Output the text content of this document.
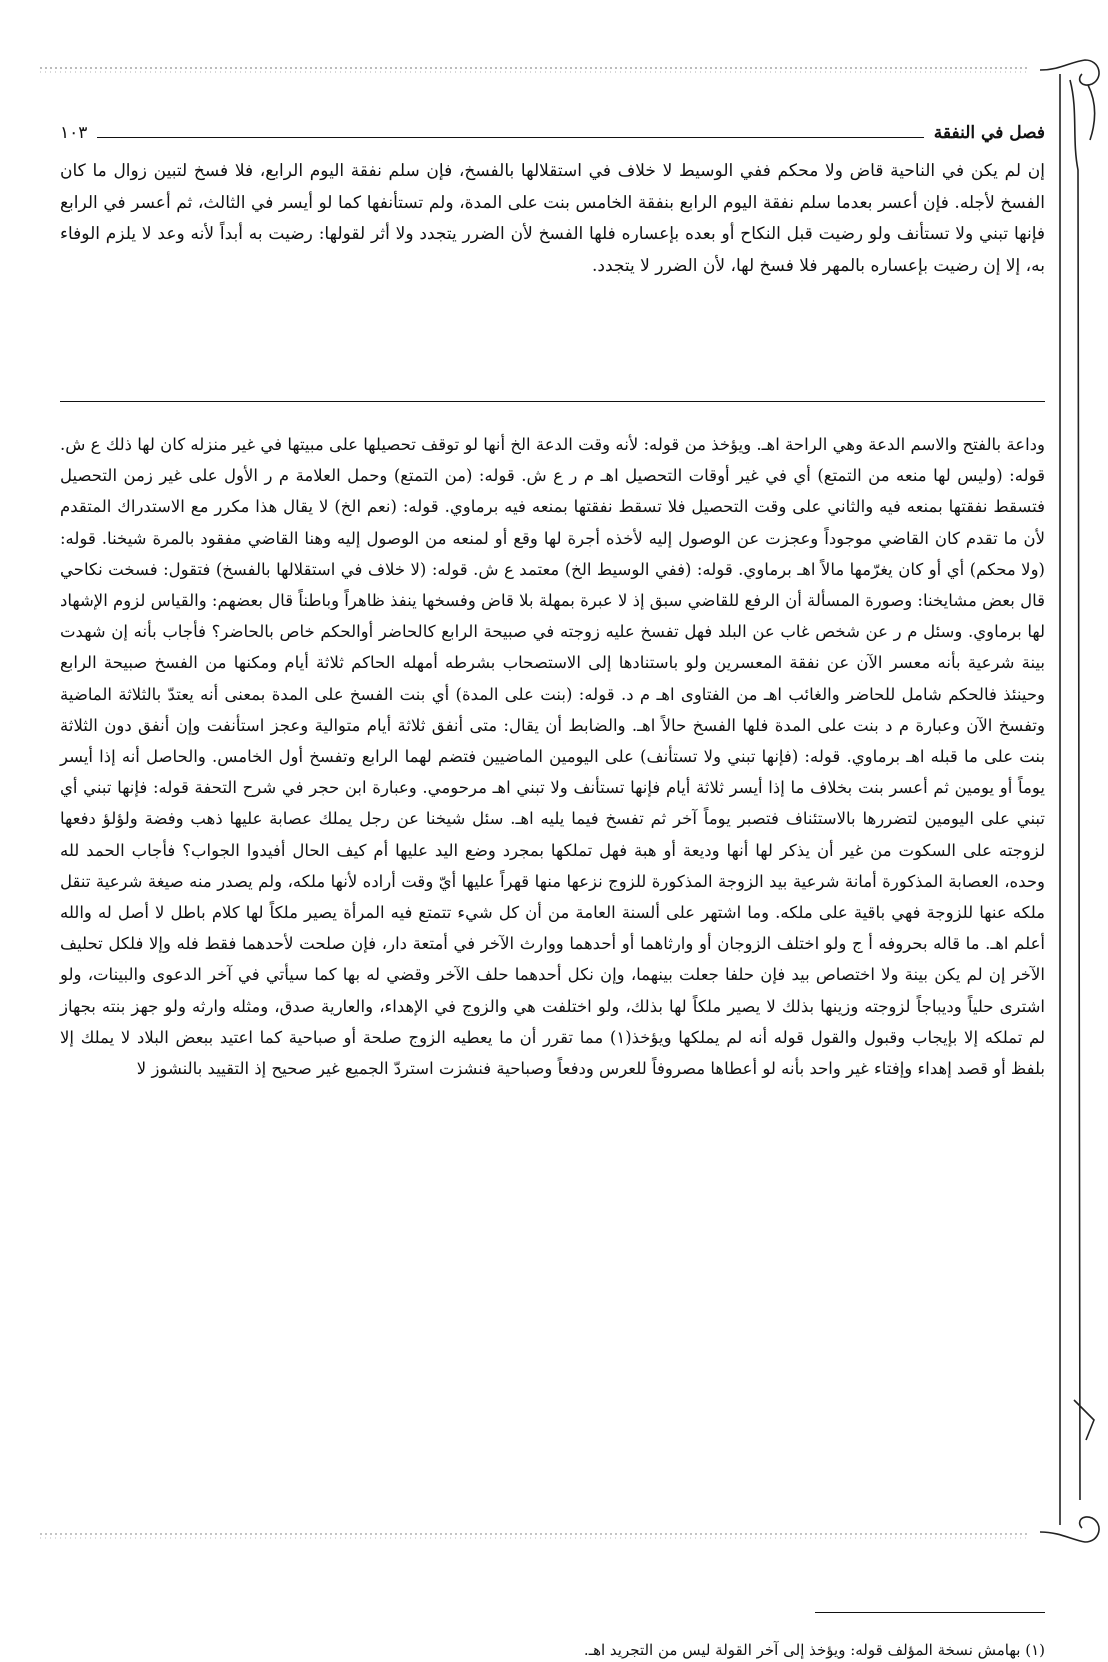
فصل في النفقة
١٠٣

إن لم يكن في الناحية قاض ولا محكم ففي الوسيط لا خلاف في استقلالها بالفسخ، فإن سلم نفقة اليوم الرابع، فلا فسخ لتبين زوال ما كان الفسخ لأجله. فإن أعسر بعدما سلم نفقة اليوم الرابع بنفقة الخامس بنت على المدة، ولم تستأنفها كما لو أيسر في الثالث، ثم أعسر في الرابع فإنها تبني ولا تستأنف ولو رضيت قبل النكاح أو بعده بإعساره فلها الفسخ لأن الضرر يتجدد ولا أثر لقولها: رضيت به أبداً لأنه وعد لا يلزم الوفاء به، إلا إن رضيت بإعساره بالمهر فلا فسخ لها، لأن الضرر لا يتجدد.

وداعة بالفتح والاسم الدعة وهي الراحة اهـ. ويؤخذ من قوله: لأنه وقت الدعة الخ أنها لو توقف تحصيلها على مبيتها في غير منزله كان لها ذلك ع ش. قوله: (وليس لها منعه من التمتع) أي في غير أوقات التحصيل اهـ م ر ع ش. قوله: (من التمتع) وحمل العلامة م ر الأول على غير زمن التحصيل فتسقط نفقتها بمنعه فيه والثاني على وقت التحصيل فلا تسقط نفقتها بمنعه فيه برماوي. قوله: (نعم الخ) لا يقال هذا مكرر مع الاستدراك المتقدم لأن ما تقدم كان القاضي موجوداً وعجزت عن الوصول إليه لأخذه أجرة لها وقع أو لمنعه من الوصول إليه وهنا القاضي مفقود بالمرة شيخنا. قوله: (ولا محكم) أي أو كان يغرّمها مالاً اهـ برماوي. قوله: (ففي الوسيط الخ) معتمد ع ش. قوله: (لا خلاف في استقلالها بالفسخ) فتقول: فسخت نكاحي قال بعض مشايخنا: وصورة المسألة أن الرفع للقاضي سبق إذ لا عبرة بمهلة بلا قاض وفسخها ينفذ ظاهراً وباطناً قال بعضهم: والقياس لزوم الإشهاد لها برماوي. وسئل م ر عن شخص غاب عن البلد فهل تفسخ عليه زوجته في صبيحة الرابع كالحاضر أوالحكم خاص بالحاضر؟ فأجاب بأنه إن شهدت بينة شرعية بأنه معسر الآن عن نفقة المعسرين ولو باستنادها إلى الاستصحاب بشرطه أمهله الحاكم ثلاثة أيام ومكنها من الفسخ صبيحة الرابع وحينئذ فالحكم شامل للحاضر والغائب اهـ من الفتاوى اهـ م د. قوله: (بنت على المدة) أي بنت الفسخ على المدة بمعنى أنه يعتدّ بالثلاثة الماضية وتفسخ الآن وعبارة م د بنت على المدة فلها الفسخ حالاً اهـ. والضابط أن يقال: متى أنفق ثلاثة أيام متوالية وعجز استأنفت وإن أنفق دون الثلاثة بنت على ما قبله اهـ برماوي. قوله: (فإنها تبني ولا تستأنف) على اليومين الماضيين فتضم لهما الرابع وتفسخ أول الخامس. والحاصل أنه إذا أيسر يوماً أو يومين ثم أعسر بنت بخلاف ما إذا أيسر ثلاثة أيام فإنها تستأنف ولا تبني اهـ مرحومي. وعبارة ابن حجر في شرح التحفة قوله: فإنها تبني أي تبني على اليومين لتضررها بالاستئناف فتصبر يوماً آخر ثم تفسخ فيما يليه اهـ. سئل شيخنا عن رجل يملك عصابة عليها ذهب وفضة ولؤلؤ دفعها لزوجته على السكوت من غير أن يذكر لها أنها وديعة أو هبة فهل تملكها بمجرد وضع اليد عليها أم كيف الحال أفيدوا الجواب؟ فأجاب الحمد لله وحده، العصابة المذكورة أمانة شرعية بيد الزوجة المذكورة للزوج نزعها منها قهراً عليها أيّ وقت أراده لأنها ملكه، ولم يصدر منه صيغة شرعية تنقل ملكه عنها للزوجة فهي باقية على ملكه. وما اشتهر على ألسنة العامة من أن كل شيء تتمتع فيه المرأة يصير ملكاً لها كلام باطل لا أصل له والله أعلم اهـ. ما قاله بحروفه أ ج ولو اختلف الزوجان أو وارثاهما أو أحدهما ووارث الآخر في أمتعة دار، فإن صلحت لأحدهما فقط فله وإلا فلكل تحليف الآخر إن لم يكن بينة ولا اختصاص بيد فإن حلفا جعلت بينهما، وإن نكل أحدهما حلف الآخر وقضي له بها كما سيأتي في آخر الدعوى والبينات، ولو اشترى حلياً وديباجاً لزوجته وزينها بذلك لا يصير ملكاً لها بذلك، ولو اختلفت هي والزوج في الإهداء، والعارية صدق، ومثله وارثه ولو جهز بنته بجهاز لم تملكه إلا بإيجاب وقبول والقول قوله أنه لم يملكها ويؤخذ(١) مما تقرر أن ما يعطيه الزوج صلحة أو صباحية كما اعتيد ببعض البلاد لا يملك إلا بلفظ أو قصد إهداء وإفتاء غير واحد بأنه لو أعطاها مصروفاً للعرس ودفعاً وصباحية فنشزت استردّ الجميع غير صحيح إذ التقييد بالنشوز لا

(١) بهامش نسخة المؤلف قوله: ويؤخذ إلى آخر القولة ليس من التجريد اهـ.
